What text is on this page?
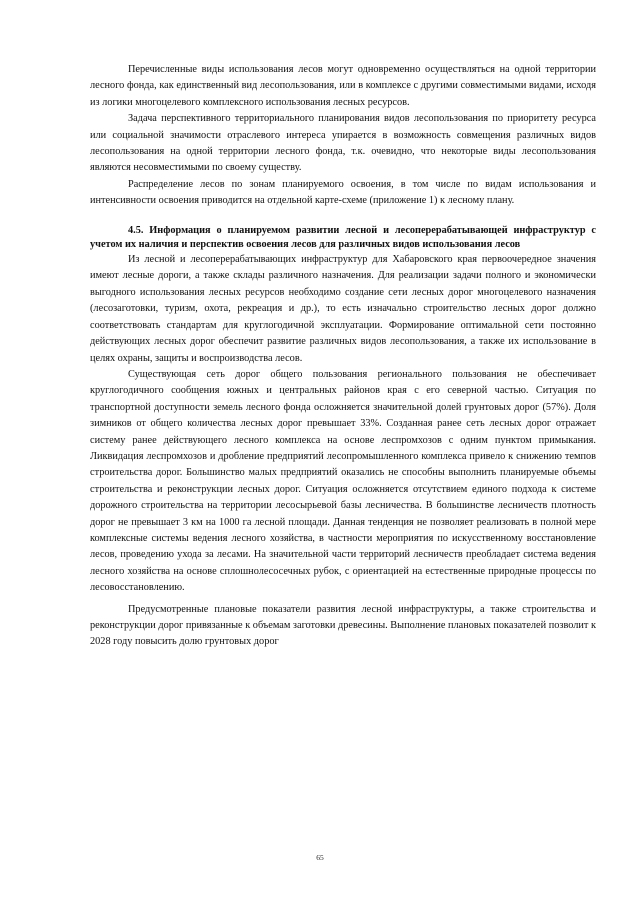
Перечисленные виды использования лесов могут одновременно осуществляться на одной территории лесного фонда, как единственный вид лесопользования, или в комплексе с другими совместимыми видами, исходя из логики многоцелевого комплексного использования лесных ресурсов.

Задача перспективного территориального планирования видов лесопользования по приоритету ресурса или социальной значимости отраслевого интереса упирается в возможность совмещения различных видов лесопользования на одной территории лесного фонда, т.к. очевидно, что некоторые виды лесопользования являются несовместимыми по своему существу.

Распределение лесов по зонам планируемого освоения, в том числе по видам использования и интенсивности освоения приводится на отдельной карте-схеме (приложение 1) к лесному плану.

4.5. Информация о планируемом развитии лесной и лесоперерабатывающей инфраструктур с учетом их наличия и перспектив освоения лесов для различных видов использования лесов

Из лесной и лесоперерабатывающих инфраструктур для Хабаровского края первоочередное значения имеют лесные дороги, а также склады различного назначения. Для реализации задачи полного и экономически выгодного использования лесных ресурсов необходимо создание сети лесных дорог многоцелевого назначения (лесозаготовки, туризм, охота, рекреация и др.), то есть изначально строительство лесных дорог должно соответствовать стандартам для круглогодичной эксплуатации. Формирование оптимальной сети постоянно действующих лесных дорог обеспечит развитие различных видов лесопользования, а также их использование в целях охраны, защиты и воспроизводства лесов.

Существующая сеть дорог общего пользования регионального пользования не обеспечивает круглогодичного сообщения южных и центральных районов края с его северной частью. Ситуация по транспортной доступности земель лесного фонда осложняется значительной долей грунтовых дорог (57%). Доля зимников от общего количества лесных дорог превышает 33%. Созданная ранее сеть лесных дорог отражает систему ранее действующего лесного комплекса на основе леспромхозов с одним пунктом примыкания. Ликвидация леспромхозов и дробление предприятий лесопромышленного комплекса привело к снижению темпов строительства дорог. Большинство малых предприятий оказались не способны выполнить планируемые объемы строительства и реконструкции лесных дорог. Ситуация осложняется отсутствием единого подхода к системе дорожного строительства на территории лесосырьевой базы лесничества. В большинстве лесничеств плотность дорог не превышает 3 км на 1000 га лесной площади. Данная тенденция не позволяет реализовать в полной мере комплексные системы ведения лесного хозяйства, в частности мероприятия по искусственному восстановление лесов, проведению ухода за лесами. На значительной части территорий лесничеств преобладает система ведения лесного хозяйства на основе сплошнолесосечных рубок, с ориентацией на естественные природные процессы по лесовосстановлению.

Предусмотренные плановые показатели развития лесной инфраструктуры, а также строительства и реконструкции дорог привязанные к объемам заготовки древесины. Выполнение плановых показателей позволит к 2028 году повысить долю грунтовых дорог

65
